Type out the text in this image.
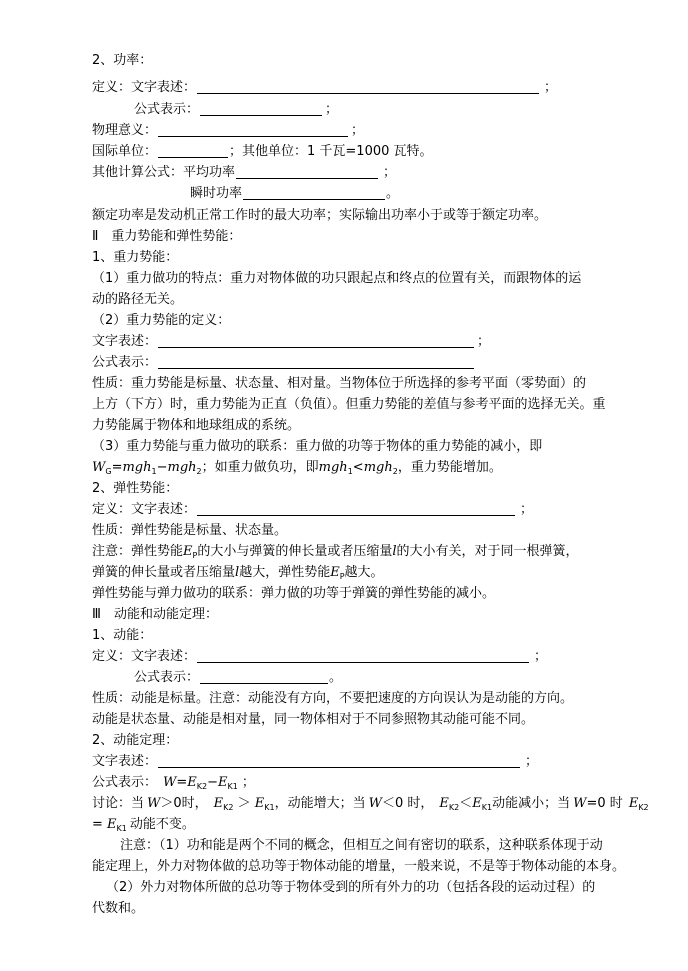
2、功率：
定义：文字表述：	；
公式表示：	；
物理意义：	；
国际单位：	；其他单位：1 千瓦=1000 瓦特。
其他计算公式：平均功率	；
瞬时功率	。
额定功率是发动机正常工作时的最大功率；实际输出功率小于或等于额定功率。
Ⅱ　重力势能和弹性势能：
1、重力势能：
（1）重力做功的特点：重力对物体做的功只跟起点和终点的位置有关，而跟物体的运
动的路径无关。
（2）重力势能的定义：
文字表述：	；
公式表示：
性质：重力势能是标量、状态量、相对量。当物体位于所选择的参考平面（零势面）的
上方（下方）时，重力势能为正直（负值）。但重力势能的差值与参考平面的选择无关。重
力势能属于物体和地球组成的系统。
（3）重力势能与重力做功的联系：重力做的功等于物体的重力势能的减小，即
$W_G=mgh_1-mgh_2$ ；如重力做负功，即 mgh$_1$<mgh$_2$ ，重力势能增加。
2、弹性势能：
定义：文字表述：	；
性质：弹性势能是标量、状态量。
注意：弹性势能 $E_P$ 的大小与弹簧的伸长量或者压缩量 l 的大小有关，对于同一根弹簧，
弹簧的伸长量或者压缩量 l 越大，弹性势能 $E_P$ 越大。
弹性势能与弹力做功的联系：弹力做的功等于弹簧的弹性势能的减小。
Ⅲ　动能和动能定理：
1、动能：
定义：文字表述：	；
公式表示：	。
性质：动能是标量。注意：动能没有方向，不要把速度的方向误认为是动能的方向。
动能是状态量、动能是相对量，同一物体相对于不同参照物其动能可能不同。
2、动能定理：
文字表述：	；
公式表示： $W=E_{K2}-E_{K1}$ ；
讨论：当 W ＞0时， $E_{K2} > E_{K1}$ ，动能增大；当 W ＜0 时， $E_{K2}<E_{K1}$ 动能减小；当 W =0 时 $E_{K2}$
= $E_{K1}$ 动能不变。
注意：（1）功和能是两个不同的概念，但相互之间有密切的联系，这种联系体现于动
能定理上，外力对物体做的总功等于物体动能的增量，一般来说，不是等于物体动能的本身。
（2）外力对物体所做的总功等于物体受到的所有外力的功（包括各段的运动过程）的
代数和。
